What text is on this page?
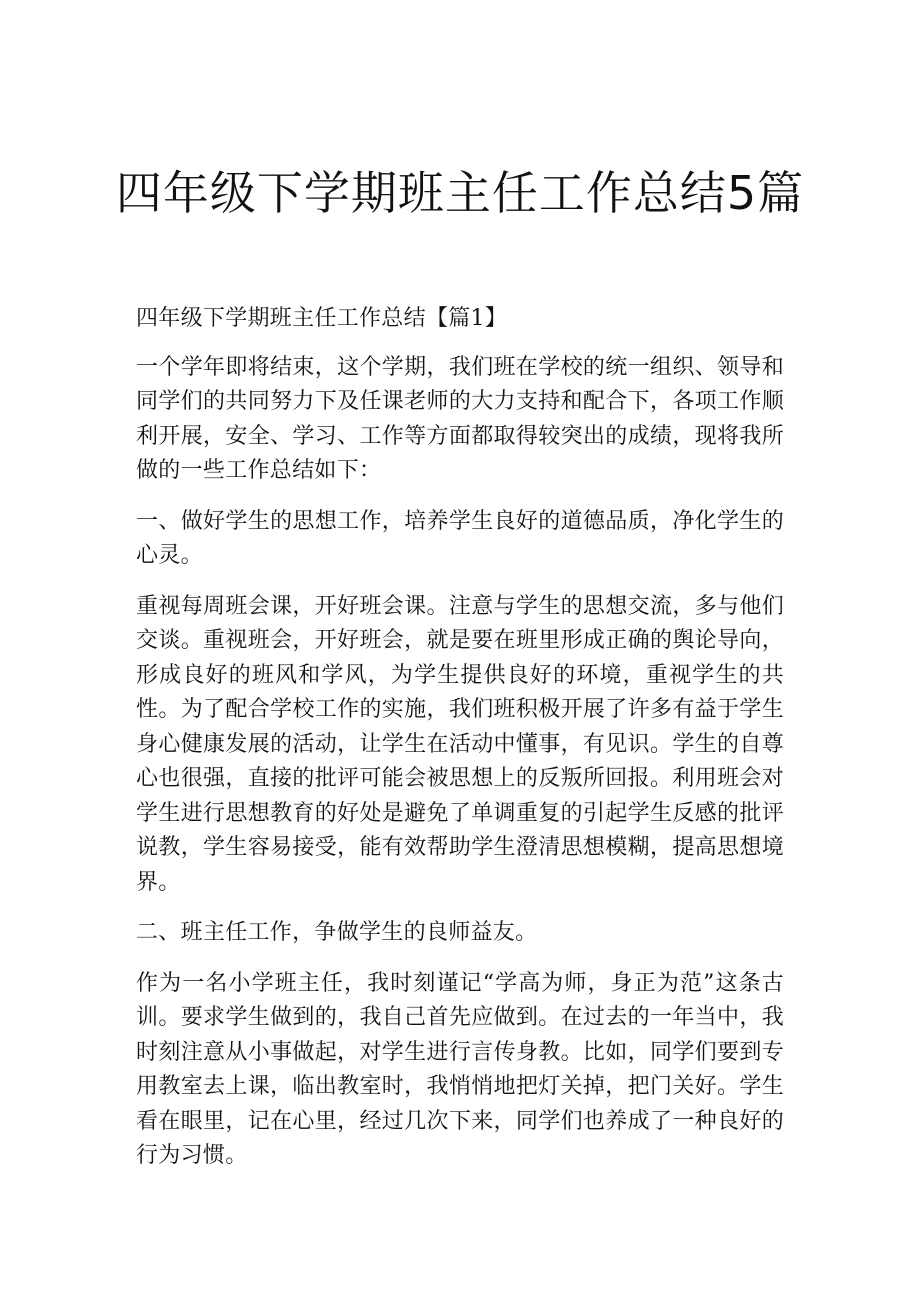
四年级下学期班主任工作总结5篇

四年级下学期班主任工作总结【篇1】

一个学年即将结束，这个学期，我们班在学校的统一组织、领导和同学们的共同努力下及任课老师的大力支持和配合下，各项工作顺利开展，安全、学习、工作等方面都取得较突出的成绩，现将我所做的一些工作总结如下：

一、做好学生的思想工作，培养学生良好的道德品质，净化学生的心灵。

重视每周班会课，开好班会课。注意与学生的思想交流，多与他们交谈。重视班会，开好班会，就是要在班里形成正确的舆论导向，形成良好的班风和学风，为学生提供良好的环境，重视学生的共性。为了配合学校工作的实施，我们班积极开展了许多有益于学生身心健康发展的活动，让学生在活动中懂事，有见识。学生的自尊心也很强，直接的批评可能会被思想上的反叛所回报。利用班会对学生进行思想教育的好处是避免了单调重复的引起学生反感的批评说教，学生容易接受，能有效帮助学生澄清思想模糊，提高思想境界。

二、班主任工作，争做学生的良师益友。

作为一名小学班主任，我时刻谨记“学高为师，身正为范”这条古训。要求学生做到的，我自己首先应做到。在过去的一年当中，我时刻注意从小事做起，对学生进行言传身教。比如，同学们要到专用教室去上课，临出教室时，我悄悄地把灯关掉，把门关好。学生看在眼里，记在心里，经过几次下来，同学们也养成了一种良好的行为习惯。
